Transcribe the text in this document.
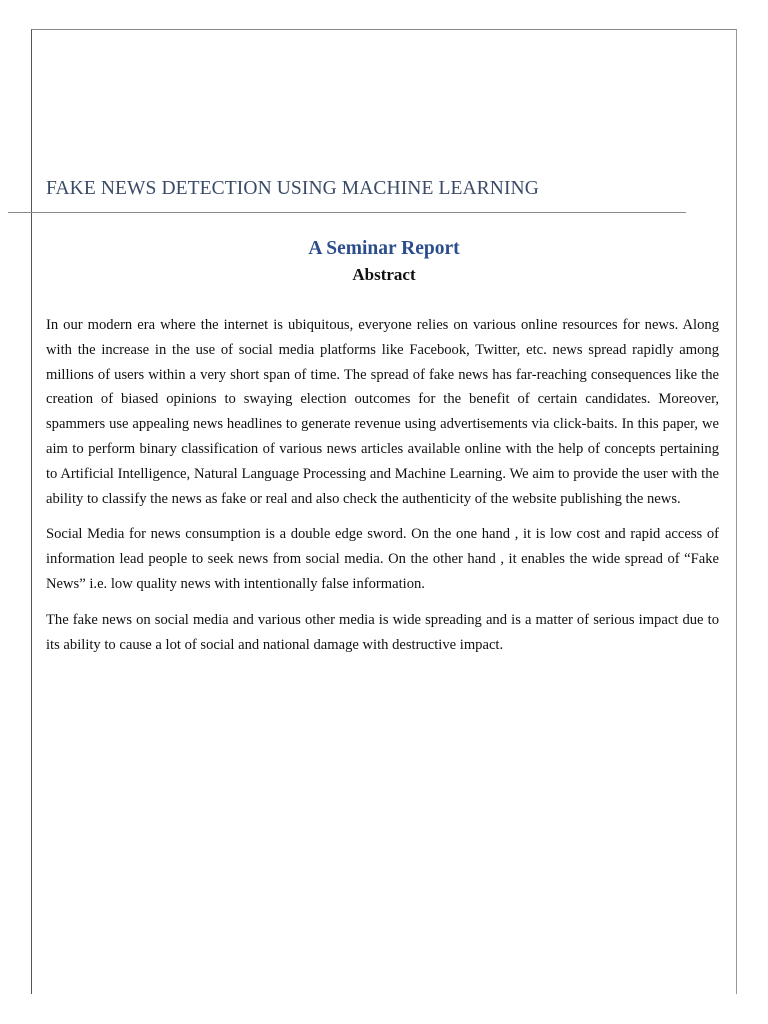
FAKE NEWS DETECTION USING MACHINE LEARNING
A Seminar Report
Abstract

In our modern era where the internet is ubiquitous, everyone relies on various online resources for news. Along with the increase in the use of social media platforms like Facebook, Twitter, etc. news spread rapidly among millions of users within a very short span of time. The spread of fake news has far-reaching consequences like the creation of biased opinions to swaying election outcomes for the benefit of certain candidates. Moreover, spammers use appealing news headlines to generate revenue using advertisements via click-baits. In this paper, we aim to perform binary classification of various news articles available online with the help of concepts pertaining to Artificial Intelligence, Natural Language Processing and Machine Learning. We aim to provide the user with the ability to classify the news as fake or real and also check the authenticity of the website publishing the news.

Social Media for news consumption is a double edge sword. On the one hand , it is low cost and rapid access of information lead people to seek news from social media. On the other hand , it enables the wide spread of “Fake News” i.e. low quality news with intentionally false information.

The fake news on social media and various other media is wide spreading and is a matter of serious impact due to its ability to cause a lot of social and national damage with destructive impact.
